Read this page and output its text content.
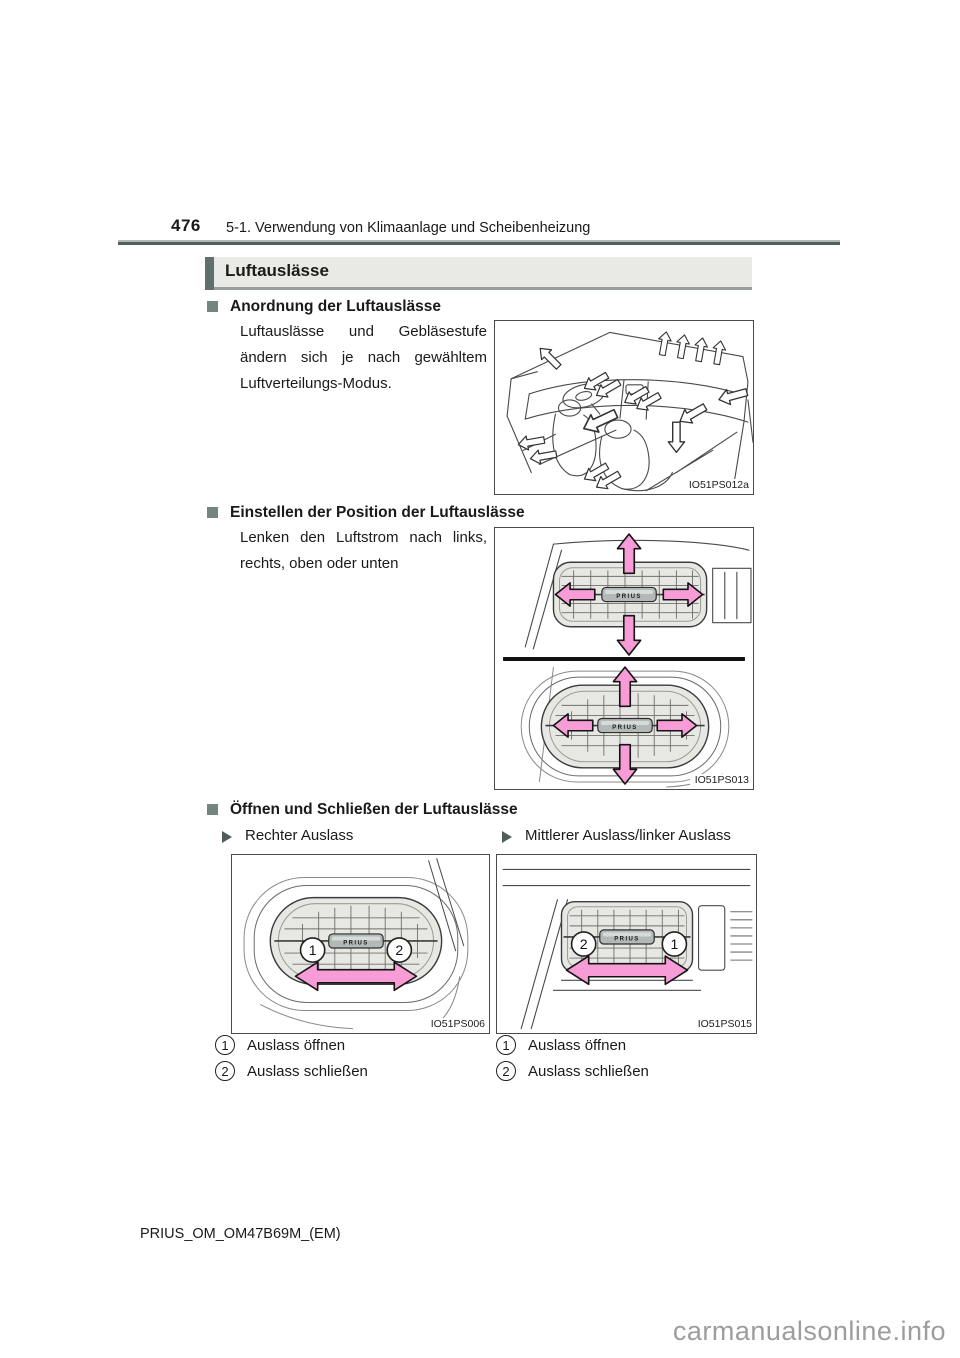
476 5-1. Verwendung von Klimaanlage und Scheibenheizung
Luftauslässe
Anordnung der Luftauslässe
Luftauslässe und Gebläsestufe ändern sich je nach gewähltem Luftverteilungs-Modus.
IO51PS012a
Einstellen der Position der Luftauslässe
Lenken den Luftstrom nach links, rechts, oben oder unten
PRIUS
PRIUS
IO51PS013
Öffnen und Schließen der Luftauslässe
Rechter Auslass	Mittlerer Auslass/linker Auslass
PRIUS
1	2
IO51PS006
PRIUS
2	1
IO51PS015
1	Auslass öffnen
2	Auslass schließen
1	Auslass öffnen
2	Auslass schließen
PRIUS_OM_OM47B69M_(EM)
carmanualsonline.info
